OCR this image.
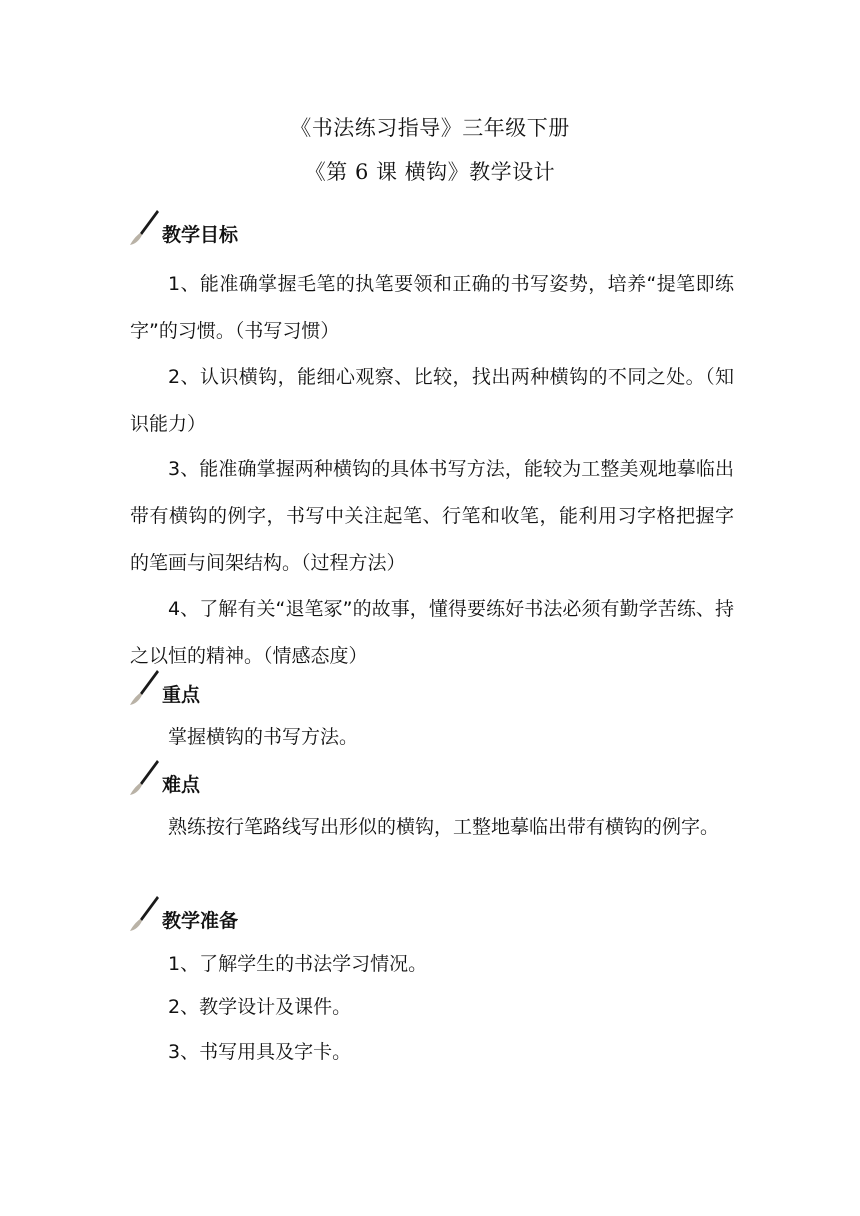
《书法练习指导》三年级下册
《第 6 课 横钩》教学设计
教学目标

1、能准确掌握毛笔的执笔要领和正确的书写姿势，培养“提笔即练字”的习惯。（书写习惯）

2、认识横钩，能细心观察、比较，找出两种横钩的不同之处。（知识能力）

3、能准确掌握两种横钩的具体书写方法，能较为工整美观地摹临出带有横钩的例字，书写中关注起笔、行笔和收笔，能利用习字格把握字的笔画与间架结构。（过程方法）

4、了解有关“退笔冢”的故事，懂得要练好书法必须有勤学苦练、持之以恒的精神。（情感态度）

重点

掌握横钩的书写方法。

难点

熟练按行笔路线写出形似的横钩，工整地摹临出带有横钩的例字。

教学准备

1、了解学生的书法学习情况。

2、教学设计及课件。

3、书写用具及字卡。
